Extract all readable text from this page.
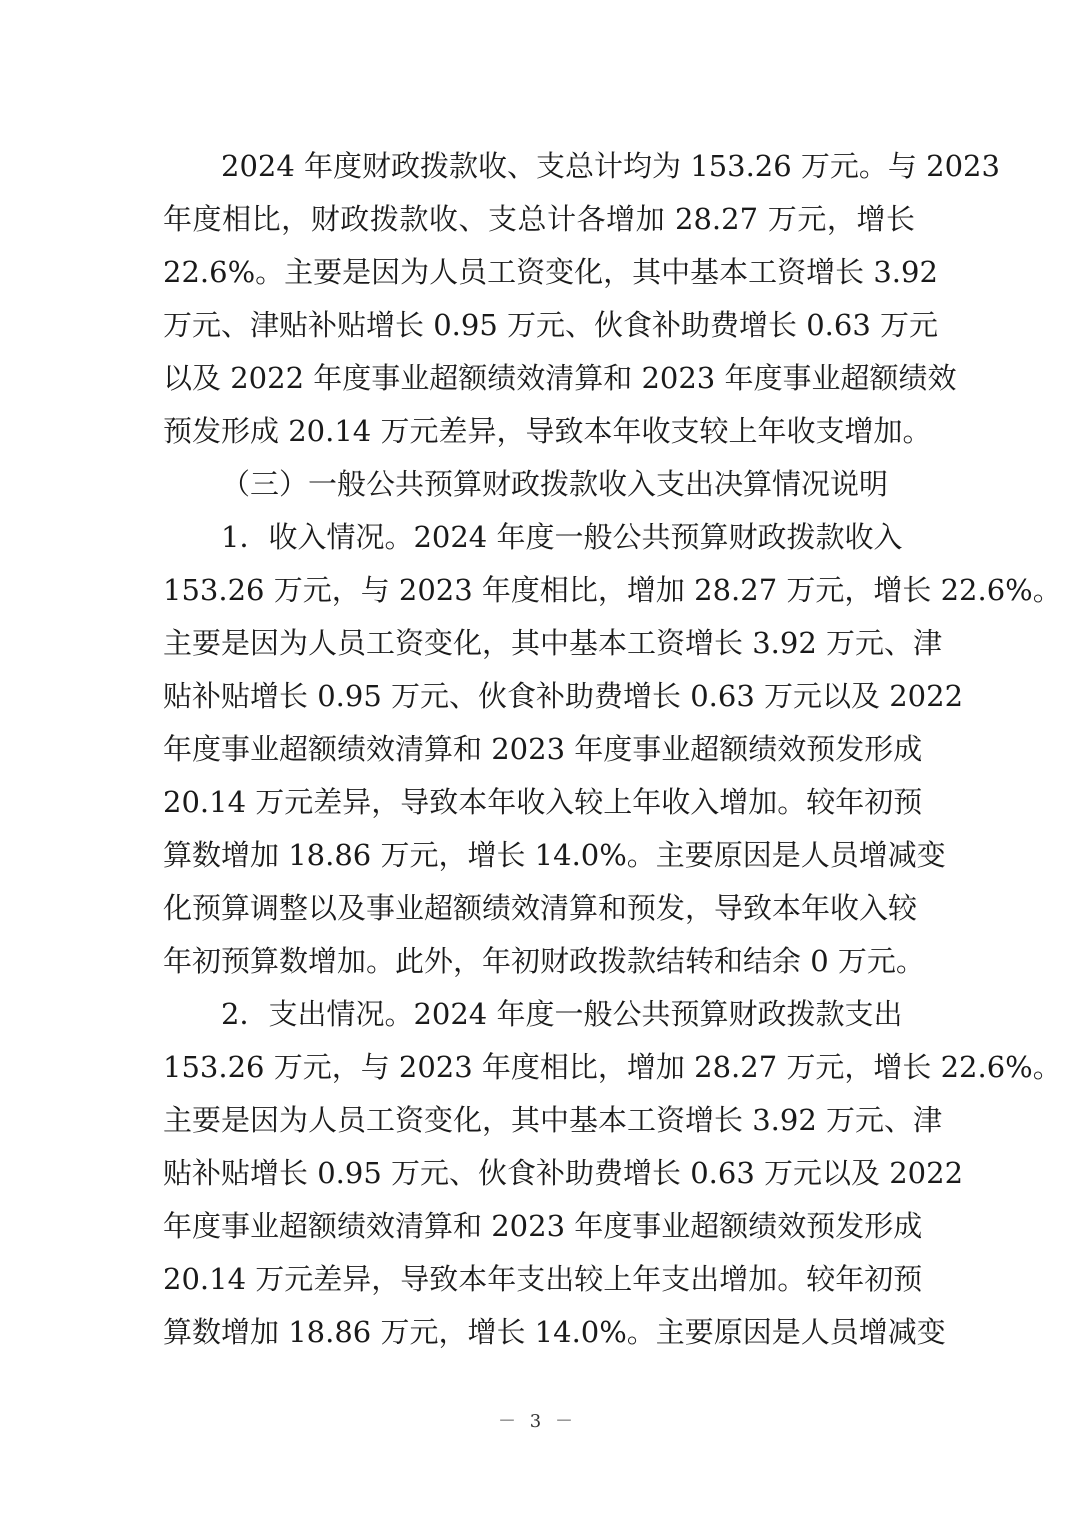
2024 年度财政拨款收、支总计均为 153.26 万元。与 2023
年度相比，财政拨款收、支总计各增加 28.27 万元，增长
22.6%。主要是因为人员工资变化，其中基本工资增长 3.92
万元、津贴补贴增长 0.95 万元、伙食补助费增长 0.63 万元
以及 2022 年度事业超额绩效清算和 2023 年度事业超额绩效
预发形成 20.14 万元差异，导致本年收支较上年收支增加。
（三）一般公共预算财政拨款收入支出决算情况说明
1．收入情况。2024 年度一般公共预算财政拨款收入
153.26 万元，与 2023 年度相比，增加 28.27 万元，增长 22.6%。
主要是因为人员工资变化，其中基本工资增长 3.92 万元、津
贴补贴增长 0.95 万元、伙食补助费增长 0.63 万元以及 2022
年度事业超额绩效清算和 2023 年度事业超额绩效预发形成
20.14 万元差异，导致本年收入较上年收入增加。较年初预
算数增加 18.86 万元，增长 14.0%。主要原因是人员增减变
化预算调整以及事业超额绩效清算和预发，导致本年收入较
年初预算数增加。此外，年初财政拨款结转和结余 0 万元。
2．支出情况。2024 年度一般公共预算财政拨款支出
153.26 万元，与 2023 年度相比，增加 28.27 万元，增长 22.6%。
主要是因为人员工资变化，其中基本工资增长 3.92 万元、津
贴补贴增长 0.95 万元、伙食补助费增长 0.63 万元以及 2022
年度事业超额绩效清算和 2023 年度事业超额绩效预发形成
20.14 万元差异，导致本年支出较上年支出增加。较年初预
算数增加 18.86 万元，增长 14.0%。主要原因是人员增减变
－ 3 －
